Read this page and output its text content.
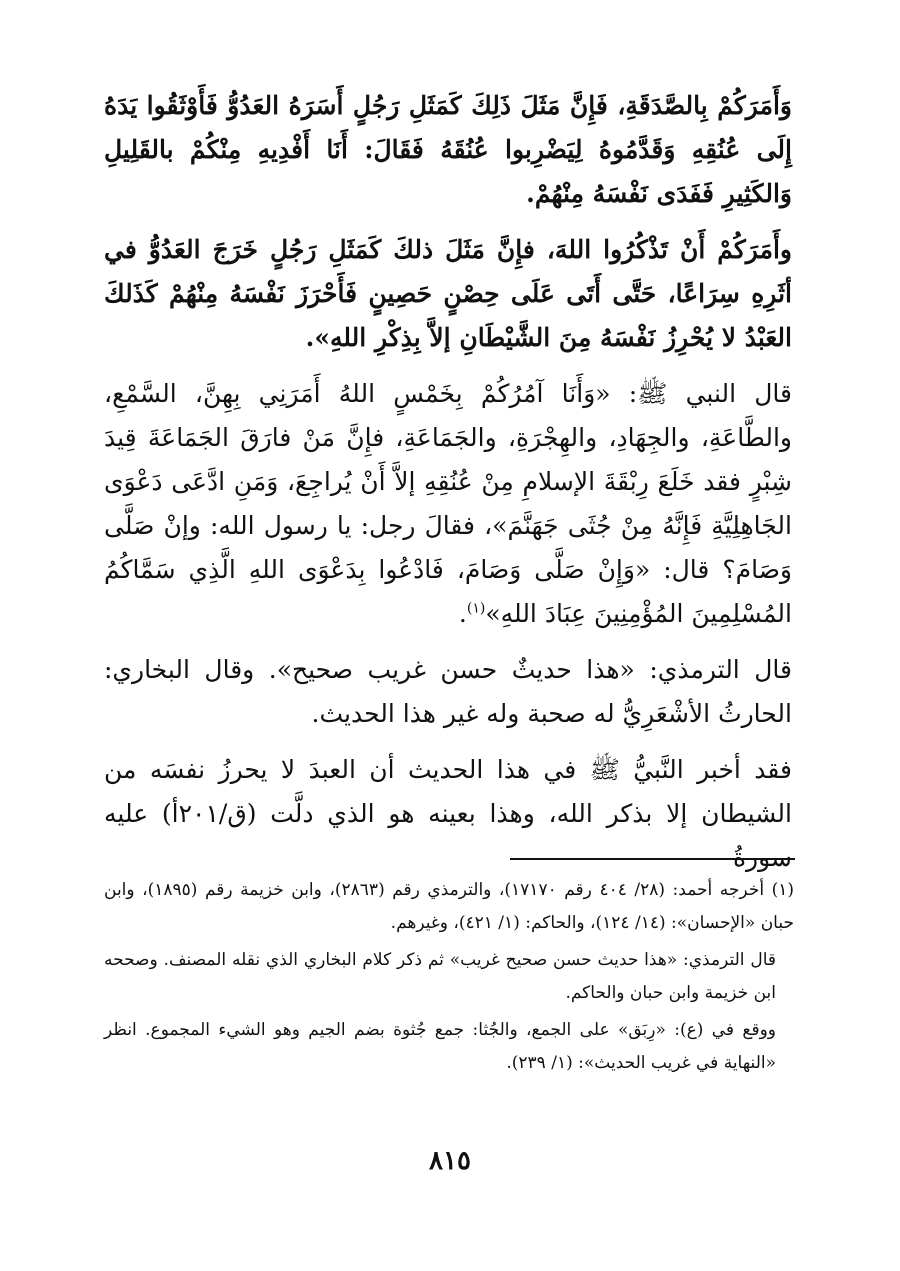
وَأَمَرَكُمْ بِالصَّدَقَةِ، فَإِنَّ مَثَلَ ذَلِكَ كَمَثَلِ رَجُلٍ أَسَرَهُ العَدُوُّ فَأَوْثَقُوا يَدَهُ إِلَى عُنُقِهِ وَقَدَّمُوهُ لِيَضْرِبوا عُنُقَهُ فَقَالَ: أَنَا أَفْدِيهِ مِنْكُمْ بالقَلِيلِ وَالكَثِيرِ فَفَدَى نَفْسَهُ مِنْهُمْ.

وأَمَرَكُمْ أَنْ تَذْكُرُوا اللهَ، فإِنَّ مَثَلَ ذلكَ كَمَثَلِ رَجُلٍ خَرَجَ العَدُوُّ في أثَرِهِ سِرَاعًا، حَتَّى أَتَى عَلَى حِصْنٍ حَصِينٍ فَأَحْرَزَ نَفْسَهُ مِنْهُمْ كَذَلكَ العَبْدُ لا يُحْرِزُ نَفْسَهُ مِنَ الشَّيْطَانِ إلاَّ بِذِكْرِ اللهِ».

قال النبي ﷺ: «وَأَنَا آمُرُكُمْ بِخَمْسٍ اللهُ أَمَرَنِي بِهِنَّ، السَّمْعِ، والطَّاعَةِ، والجِهَادِ، والهِجْرَةِ، والجَمَاعَةِ، فإِنَّ مَنْ فارَقَ الجَمَاعَةَ قِيدَ شِبْرٍ فقد خَلَعَ رِبْقَةَ الإسلامِ مِنْ عُنُقِهِ إلاَّ أَنْ يُراجِعَ، وَمَنِ ادَّعَى دَعْوَى الجَاهِلِيَّةِ فَإِنَّهُ مِنْ جُثَى جَهَنَّمَ»، فقالَ رجل: يا رسول الله: وإنْ صَلَّى وَصَامَ؟ قال: «وَإِنْ صَلَّى وَصَامَ، فَادْعُوا بِدَعْوَى اللهِ الَّذِي سَمَّاكُمُ المُسْلِمِينَ المُؤْمِنِينَ عِبَادَ اللهِ»$^{(١)}$.

قال الترمذي: «هذا حديثٌ حسن غريب صحيح». وقال البخاري: الحارثُ الأشْعَرِيُّ له صحبة وله غير هذا الحديث.

فقد أخبر النَّبيُّ ﷺ في هذا الحديث أن العبدَ لا يحرزُ نفسَه من الشيطان إلا بذكر الله، وهذا بعينه هو الذي دلَّت (ق/٢٠١أ) عليه سورةُ

(١) أخرجه أحمد: (٢٨/ ٤٠٤ رقم ١٧١٧٠)، والترمذي رقم (٢٨٦٣)، وابن خزيمة رقم (١٨٩٥)، وابن حبان «الإحسان»: (١٤/ ١٢٤)، والحاكم: (١/ ٤٢١)، وغيرهم.

قال الترمذي: «هذا حديث حسن صحيح غريب» ثم ذكر كلام البخاري الذي نقله المصنف. وصححه ابن خزيمة وابن حبان والحاكم.

ووقع في (ع): «رِبَق» على الجمع، والجُثا: جمع جُثوة بضم الجيم وهو الشيء المجموع. انظر «النهاية في غريب الحديث»: (١/ ٢٣٩).

٨١٥
